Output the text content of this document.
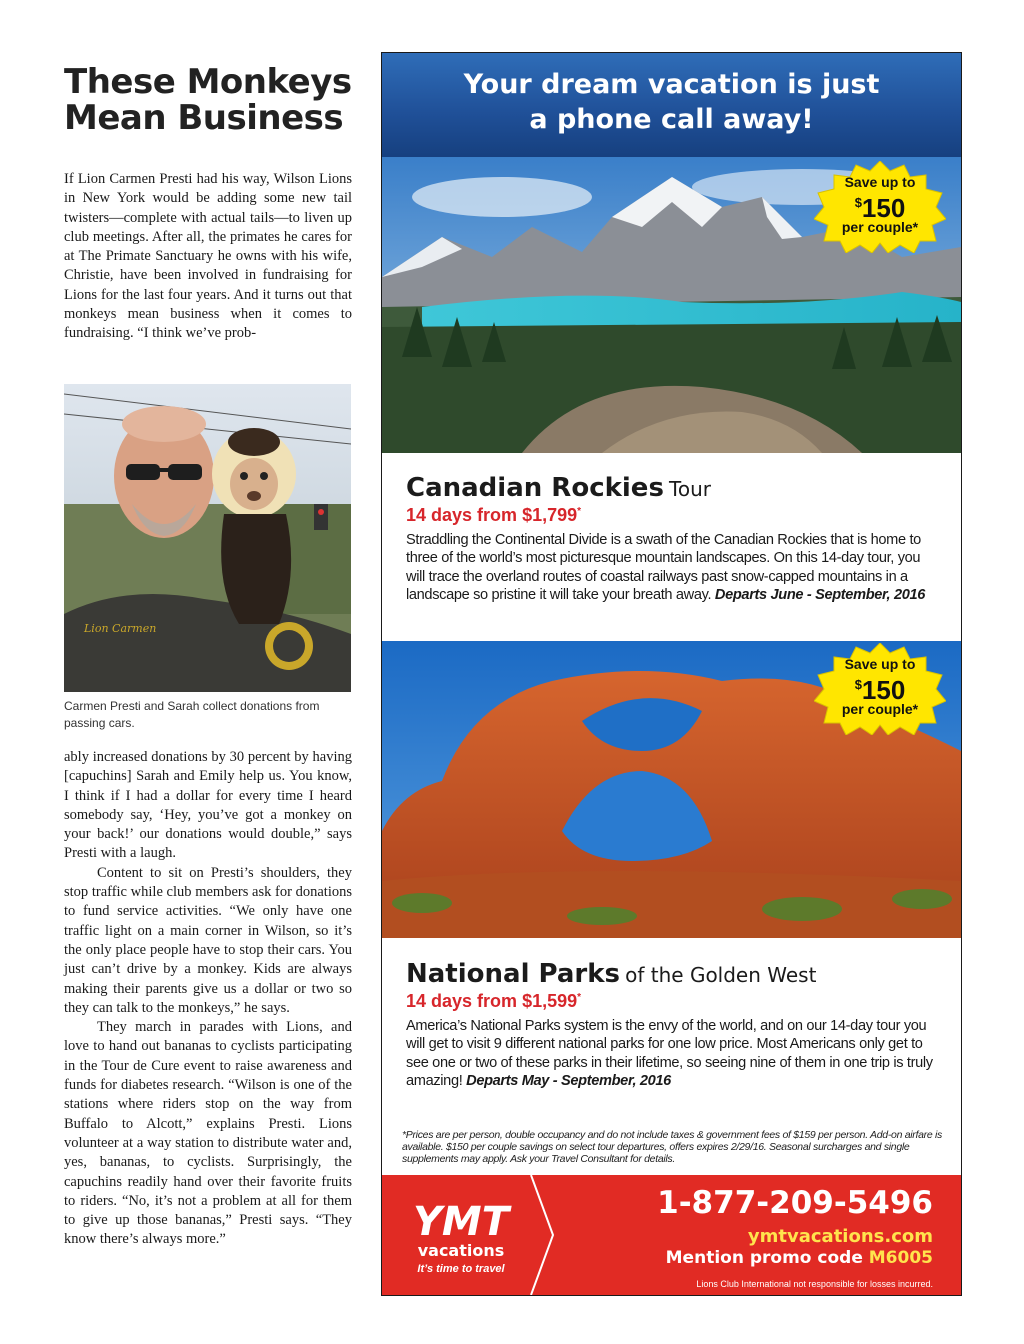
These Monkeys Mean Business

If Lion Carmen Presti had his way, Wilson Lions in New York would be adding some new tail twisters—complete with actual tails—to liven up club meetings. After all, the primates he cares for at The Primate Sanctuary he owns with his wife, Christie, have been involved in fundraising for Lions for the last four years. And it turns out that monkeys mean business when it comes to fundraising. “I think we’ve prob-

Lion Carmen

Carmen Presti and Sarah collect donations from passing cars.

ably increased donations by 30 percent by having [capuchins] Sarah and Emily help us. You know, I think if I had a dollar for every time I heard somebody say, ‘Hey, you’ve got a monkey on your back!’ our donations would double,” says Presti with a laugh.

Content to sit on Presti’s shoulders, they stop traffic while club members ask for donations to fund service activities. “We only have one traffic light on a main corner in Wilson, so it’s the only place people have to stop their cars. You just can’t drive by a monkey. Kids are always making their parents give us a dollar or two so they can talk to the monkeys,” he says.

They march in parades with Lions, and love to hand out bananas to cyclists participating in the Tour de Cure event to raise awareness and funds for diabetes research. “Wilson is one of the stations where riders stop on the way from Buffalo to Alcott,” explains Presti. Lions volunteer at a way station to distribute water and, yes, bananas, to cyclists. Surprisingly, the capuchins readily hand over their favorite fruits to riders. “No, it’s not a problem at all for them to give up those bananas,” Presti says. “They know there’s always more.”

Your dream vacation is just
a phone call away!
Save up to
$150
per couple*
Canadian Rockies Tour
14 days from $1,799*

Straddling the Continental Divide is a swath of the Canadian Rockies that is home to three of the world’s most picturesque mountain landscapes. On this 14-day tour, you will trace the overland routes of coastal railways past snow-capped mountains in a landscape so pristine it will take your breath away. Departs June - September, 2016

Save up to
$150
per couple*
National Parks of the Golden West
14 days from $1,599*

America’s National Parks system is the envy of the world, and on our 14-day tour you will get to visit 9 different national parks for one low price. Most Americans only get to see one or two of these parks in their lifetime, so seeing nine of them in one trip is truly amazing! Departs May - September, 2016

*Prices are per person, double occupancy and do not include taxes & government fees of $159 per person. Add-on airfare is available. $150 per couple savings on select tour departures, offers expires 2/29/16. Seasonal surcharges and single supplements may apply. Ask your Travel Consultant for details.

YMT
vacations
It’s time to travel
1-877-209-5496
ymtvacations.com
Mention promo code M6005
Lions Club International not responsible for losses incurred.
